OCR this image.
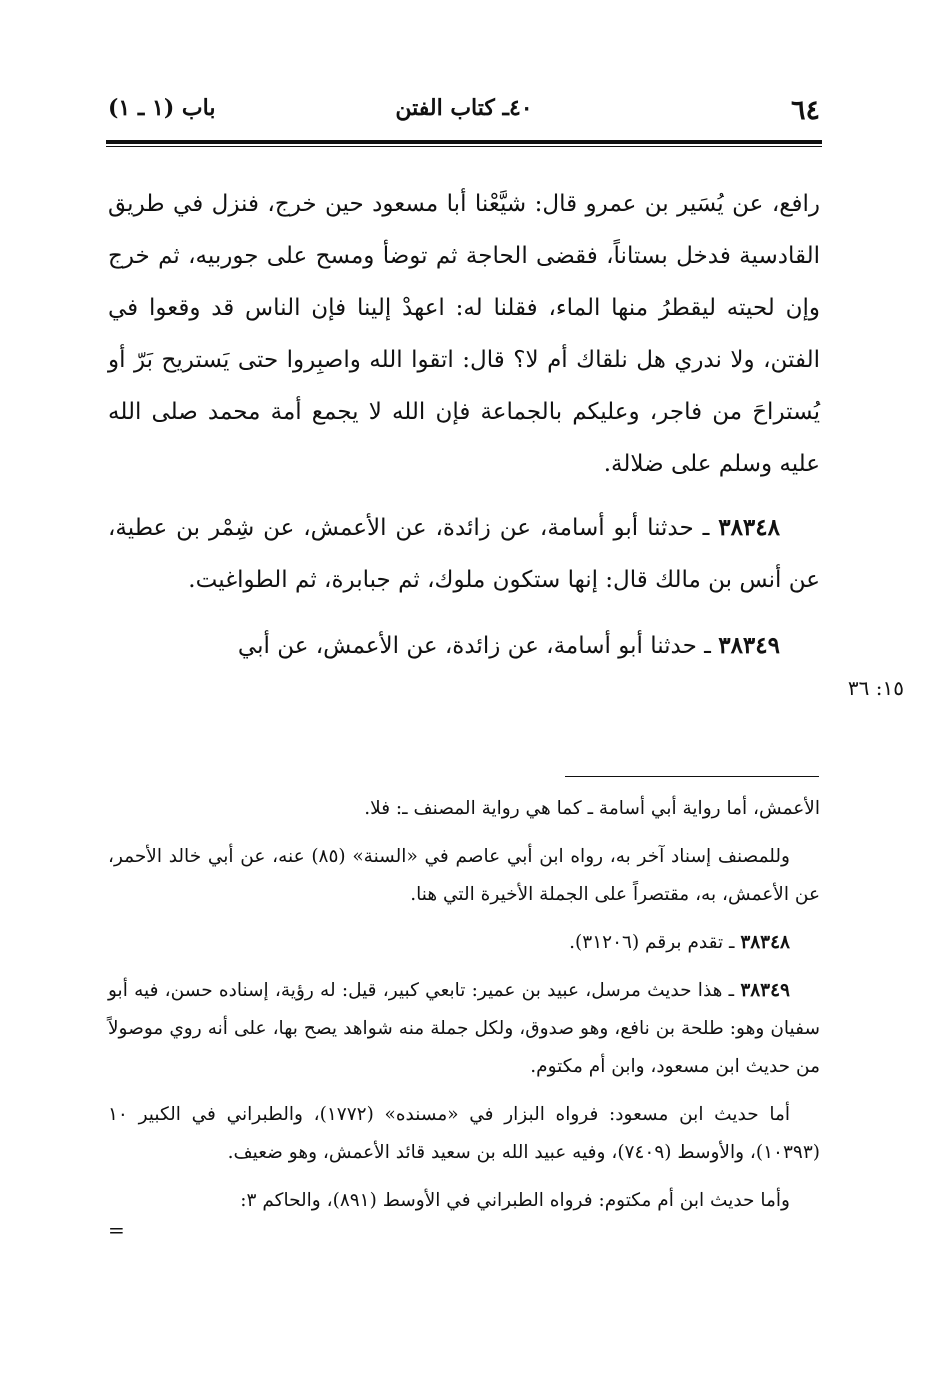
٦٤
٤٠ـ كتاب الفتن
باب (١ ـ ١)

رافع، عن يُسَير بن عمرو قال: شيَّعْنا أبا مسعود حين خرج، فنزل في طريق القادسية فدخل بستاناً، فقضى الحاجة ثم توضأ ومسح على جوربيه، ثم خرج وإن لحيته ليقطرُ منها الماء، فقلنا له: اعهدْ إلينا فإن الناس قد وقعوا في الفتن، ولا ندري هل نلقاك أم لا؟ قال: اتقوا الله واصبِروا حتى يَستريح بَرّ أو يُستراحَ من فاجر، وعليكم بالجماعة فإن الله لا يجمع أمة محمد صلى الله عليه وسلم على ضلالة.

٣٨٣٤٨ ـ حدثنا أبو أسامة، عن زائدة، عن الأعمش، عن شِمْر بن عطية، عن أنس بن مالك قال: إنها ستكون ملوك، ثم جبابرة، ثم الطواغيت.

٣٨٣٤٩ ـ حدثنا أبو أسامة، عن زائدة، عن الأعمش، عن أبي

١٥: ٣٦

الأعمش، أما رواية أبي أسامة ـ كما هي رواية المصنف ـ: فلا.

وللمصنف إسناد آخر به، رواه ابن أبي عاصم في «السنة» (٨٥) عنه، عن أبي خالد الأحمر، عن الأعمش، به، مقتصراً على الجملة الأخيرة التي هنا.

٣٨٣٤٨ ـ تقدم برقم (٣١٢٠٦).

٣٨٣٤٩ ـ هذا حديث مرسل، عبيد بن عمير: تابعي كبير، قيل: له رؤية، إسناده حسن، فيه أبو سفيان وهو: طلحة بن نافع، وهو صدوق، ولكل جملة منه شواهد يصح بها، على أنه روي موصولاً من حديث ابن مسعود، وابن أم مكتوم.

أما حديث ابن مسعود: فرواه البزار في «مسنده» (١٧٧٢)، والطبراني في الكبير ١٠ (١٠٣٩٣)، والأوسط (٧٤٠٩)، وفيه عبيد الله بن سعيد قائد الأعمش، وهو ضعيف.

وأما حديث ابن أم مكتوم: فرواه الطبراني في الأوسط (٨٩١)، والحاكم ٣:

=
